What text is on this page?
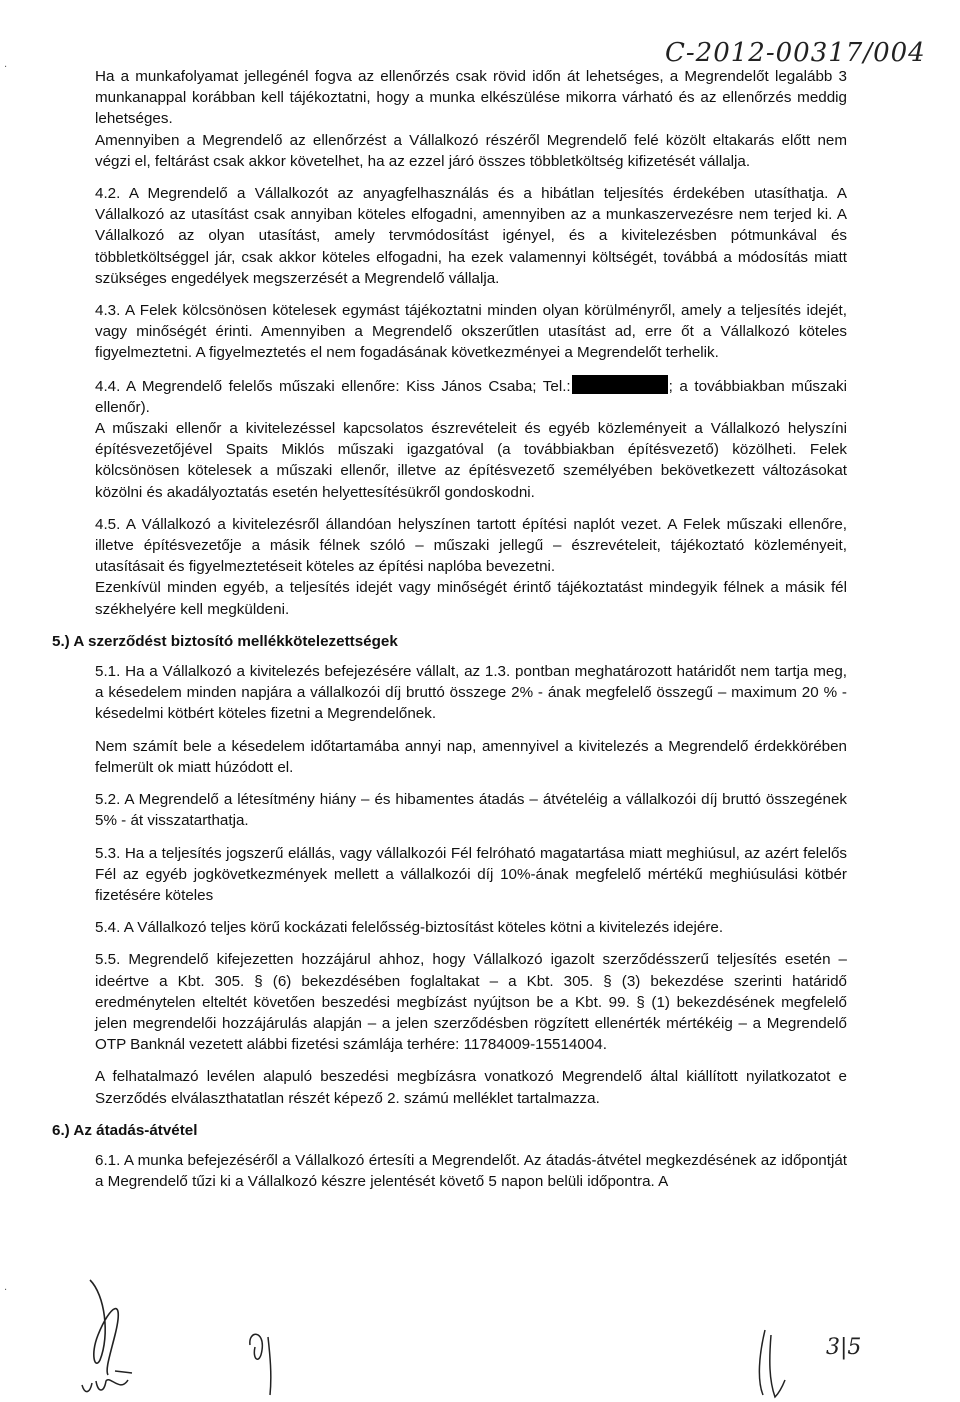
C-2012-00317/004
·
·

Ha a munkafolyamat jellegénél fogva az ellenőrzés csak rövid időn át lehetséges, a Megrendelőt legalább 3 munkanappal korábban kell tájékoztatni, hogy a munka elkészülése mikorra várható és az ellenőrzés meddig lehetséges.

Amennyiben a Megrendelő az ellenőrzést a Vállalkozó részéről Megrendelő felé közölt eltakarás előtt nem végzi el, feltárást csak akkor követelhet, ha az ezzel járó összes többletköltség kifizetését vállalja.

4.2. A Megrendelő a Vállalkozót az anyagfelhasználás és a hibátlan teljesítés érdekében utasíthatja. A Vállalkozó az utasítást csak annyiban köteles elfogadni, amennyiben az a munkaszervezésre nem terjed ki. A Vállalkozó az olyan utasítást, amely tervmódosítást igényel, és a kivitelezésben pótmunkával és többletköltséggel jár, csak akkor köteles elfogadni, ha ezek valamennyi költségét, továbbá a módosítás miatt szükséges engedélyek megszerzését a Megrendelő vállalja.

4.3. A Felek kölcsönösen kötelesek egymást tájékoztatni minden olyan körülményről, amely a teljesítés idejét, vagy minőségét érinti. Amennyiben a Megrendelő okszerűtlen utasítást ad, erre őt a Vállalkozó köteles figyelmeztetni. A figyelmeztetés el nem fogadásának következményei a Megrendelőt terhelik.

4.4. A Megrendelő felelős műszaki ellenőre: Kiss János Csaba; Tel.:	; a továbbiakban műszaki ellenőr).

A műszaki ellenőr a kivitelezéssel kapcsolatos észrevételeit és egyéb közleményeit a Vállalkozó helyszíni építésvezetőjével Spaits Miklós műszaki igazgatóval (a továbbiakban építésvezető) közölheti. Felek kölcsönösen kötelesek a műszaki ellenőr, illetve az építésvezető személyében bekövetkezett változásokat közölni és akadályoztatás esetén helyettesítésükről gondoskodni.

4.5. A Vállalkozó a kivitelezésről állandóan helyszínen tartott építési naplót vezet. A Felek műszaki ellenőre, illetve építésvezetője a másik félnek szóló – műszaki jellegű – észrevételeit, tájékoztató közleményeit, utasításait és figyelmeztetéseit köteles az építési naplóba bevezetni.

Ezenkívül minden egyéb, a teljesítés idejét vagy minőségét érintő tájékoztatást mindegyik félnek a másik fél székhelyére kell megküldeni.

5.) A szerződést biztosító mellékkötelezettségek

5.1. Ha a Vállalkozó a kivitelezés befejezésére vállalt, az 1.3. pontban meghatározott határidőt nem tartja meg, a késedelem minden napjára a vállalkozói díj bruttó összege 2% - ának megfelelő összegű – maximum 20 % - késedelmi kötbért köteles fizetni a Megrendelőnek.

Nem számít bele a késedelem időtartamába annyi nap, amennyivel a kivitelezés a Megrendelő érdekkörében felmerült ok miatt húzódott el.

5.2. A Megrendelő a létesítmény hiány – és hibamentes átadás – átvételéig a vállalkozói díj bruttó összegének 5% - át visszatarthatja.

5.3. Ha a teljesítés jogszerű elállás, vagy vállalkozói Fél felróható magatartása miatt meghiúsul, az azért felelős Fél az egyéb jogkövetkezmények mellett a vállalkozói díj 10%-ának megfelelő mértékű meghiúsulási kötbér fizetésére köteles

5.4. A Vállalkozó teljes körű kockázati felelősség-biztosítást köteles kötni a kivitelezés idejére.

5.5. Megrendelő kifejezetten hozzájárul ahhoz, hogy Vállalkozó igazolt szerződésszerű teljesítés esetén – ideértve a Kbt. 305. § (6) bekezdésében foglaltakat – a Kbt. 305. § (3) bekezdése szerinti határidő eredménytelen elteltét követően beszedési megbízást nyújtson be a Kbt. 99. § (1) bekezdésének megfelelő jelen megrendelői hozzájárulás alapján – a jelen szerződésben rögzített ellenérték mértékéig – a Megrendelő OTP Banknál vezetett alábbi fizetési számlája terhére: 11784009-15514004.

A felhatalmazó levélen alapuló beszedési megbízásra vonatkozó Megrendelő által kiállított nyilatkozatot e Szerződés elválaszthatatlan részét képező 2. számú melléklet tartalmazza.

6.) Az átadás-átvétel

6.1. A munka befejezéséről a Vállalkozó értesíti a Megrendelőt. Az átadás-átvétel megkezdésének az időpontját a Megrendelő tűzi ki a Vállalkozó készre jelentését követő 5 napon belüli időpontra. A

3|5
